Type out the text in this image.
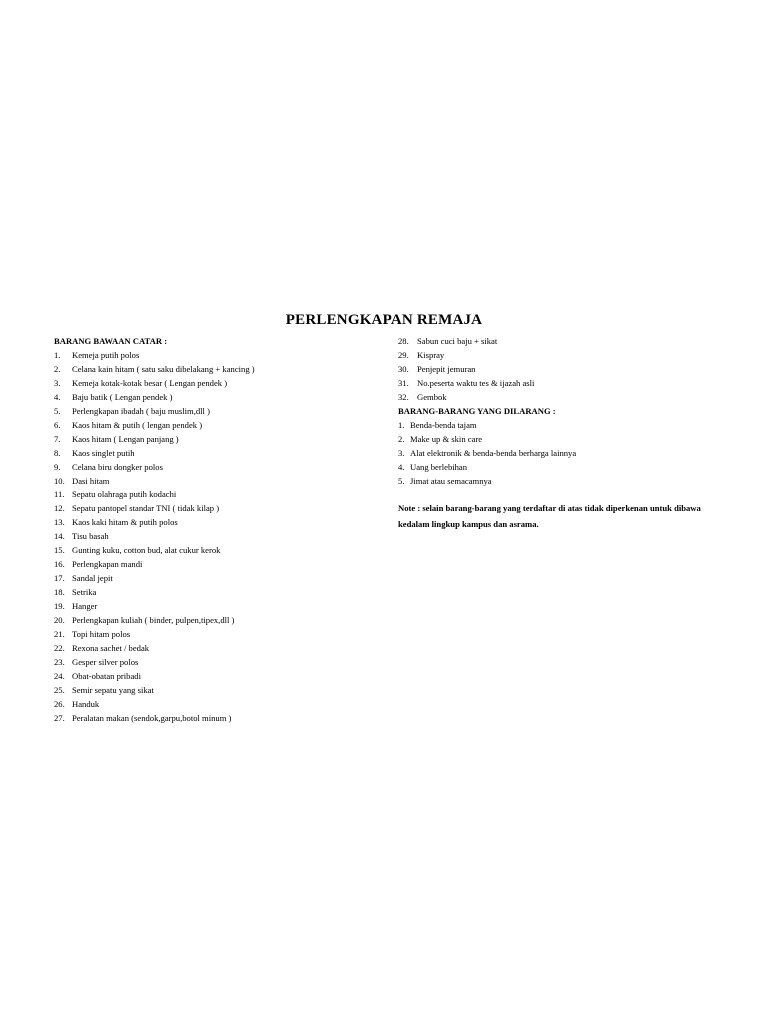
PERLENGKAPAN REMAJA
BARANG BAWAAN CATAR :
1.	Kemeja putih polos
2.	Celana kain hitam ( satu saku dibelakang + kancing )
3.	Kemeja kotak-kotak besar ( Lengan pendek )
4.	Baju batik ( Lengan pendek )
5.	Perlengkapan ibadah ( baju muslim,dll )
6.	Kaos hitam & putih ( lengan pendek )
7.	Kaos hitam ( Lengan panjang )
8.	Kaos singlet putih
9.	Celana biru dongker polos
10. Dasi hitam
11. Sepatu olahraga putih kodachi
12. Sepatu pantopel standar TNI ( tidak kilap )
13. Kaos kaki hitam & putih polos
14. Tisu basah
15. Gunting kuku, cotton bud, alat cukur kerok
16. Perlengkapan mandi
17. Sandal jepit
18. Setrika
19. Hanger
20. Perlengkapan kuliah ( binder, pulpen,tipex,dll )
21. Topi hitam polos
22. Rexona sachet / bedak
23. Gesper silver polos
24. Obat-obatan pribadi
25. Semir sepatu yang sikat
26. Handuk
27. Peralatan makan (sendok,garpu,botol minum )
28. Sabun cuci baju + sikat
29. Kispray
30. Penjepit jemuran
31. No.peserta waktu tes & ijazah asli
32. Gembok
BARANG-BARANG YANG DILARANG :
1. Benda-benda tajam
2. Make up & skin care
3. Alat elektronik & benda-benda berharga lainnya
4. Uang berlebihan
5. Jimat atau semacamnya
Note : selain barang-barang yang terdaftar di atas tidak diperkenan untuk dibawa kedalam lingkup kampus dan asrama.
